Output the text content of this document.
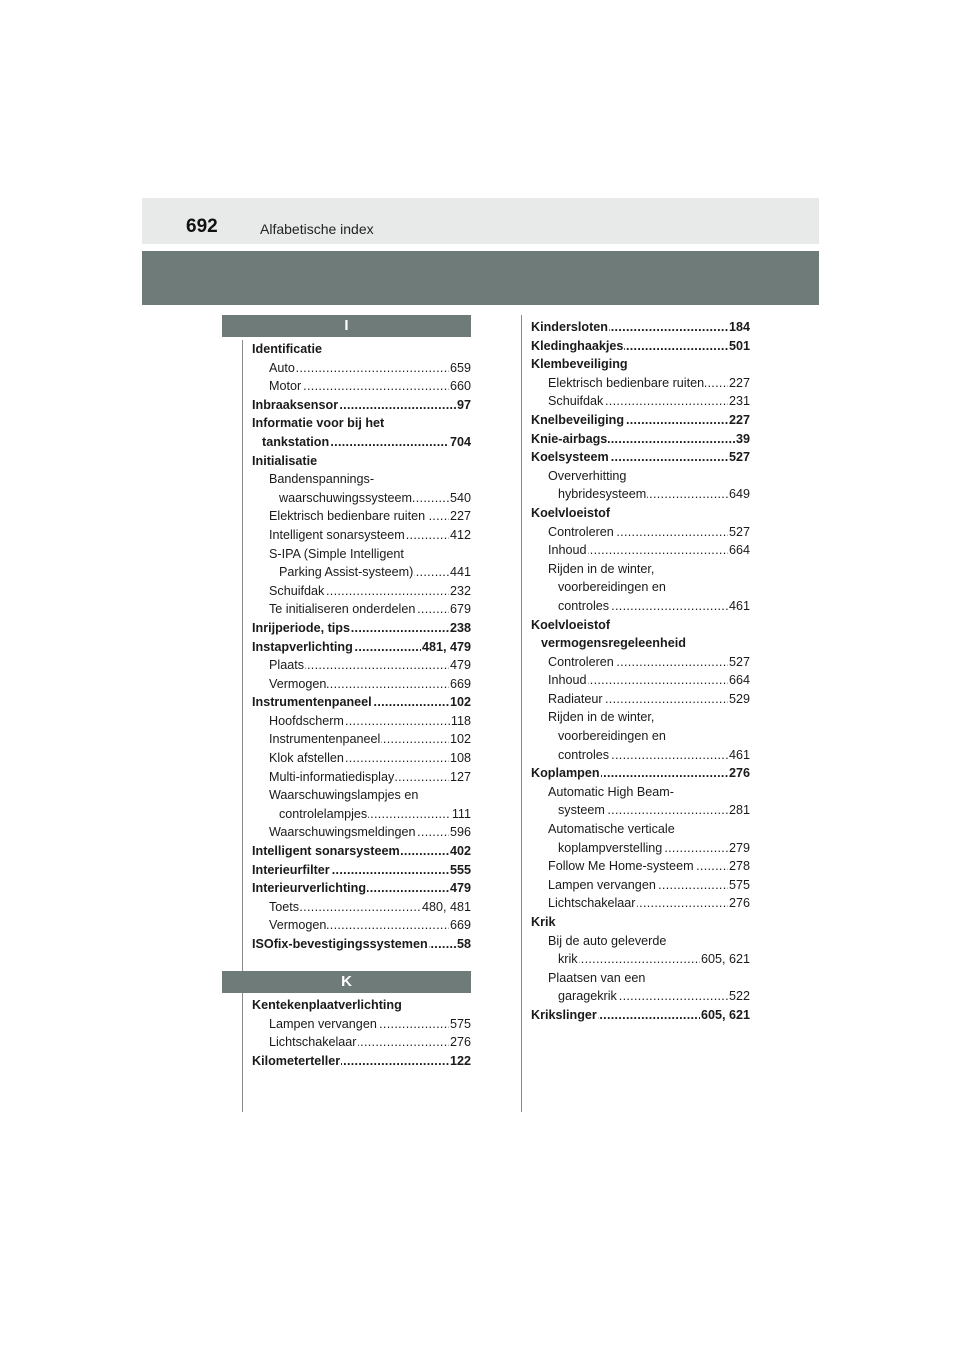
692	Alfabetische index
I
Identificatie
Auto	659
. . .
Motor	660
. . .
Inbraaksensor	97
. . .
Informatie voor bij het
tankstation	704
. . .
Initialisatie
Bandenspannings-
waarschuwingssysteem	540
. . .
Elektrisch bedienbare ruiten . 227
. . .
Intelligent sonarsysteem	412
. . .
S-IPA (Simple Intelligent
Parking Assist-systeem)	441
. . .
Schuifdak	232
. . .
Te initialiseren onderdelen	679
. . .
Inrijperiode, tips	238
. . .
Instapverlichting	481, 479
. . .
Plaats	479
. . .
Vermogen	669
. . .
Instrumentenpaneel	102
. . .
Hoofdscherm	118
. . .
Instrumentenpaneel	102
. . .
Klok afstellen	108
. . .
Multi-informatiedisplay	127
. . .
Waarschuwingslampjes en
controlelampjes	111
. . .
Waarschuwingsmeldingen	596
. . .
Intelligent sonarsysteem	402
. . .
Interieurfilter	555
. . .
Interieurverlichting	479
. . .
Toets	480, 481
. . .
Vermogen	669
. . .
ISOfix-bevestigingssystemen 58
. . .
K
Kentekenplaatverlichting
Lampen vervangen	575
. . .
Lichtschakelaar	276
. . .
Kilometerteller	122
. . .
Kindersloten	184
. . .
Kledinghaakjes	501
. . .
Klembeveiliging
Elektrisch bedienbare ruiten 227
. . .
Schuifdak	231
. . .
Knelbeveiliging	227
. . .
Knie-airbags	39
. . .
Koelsysteem	527
. . .
Oververhitting
hybridesysteem	649
. . .
Koelvloeistof
Controleren	527
. . .
Inhoud	664
. . .
Rijden in de winter,
voorbereidingen en
controles	461
. . .
Koelvloeistof
vermogensregeleenheid
Controleren	527
. . .
Inhoud	664
. . .
Radiateur	529
. . .
Rijden in de winter,
voorbereidingen en
controles	461
. . .
Koplampen	276
. . .
Automatic High Beam-
systeem	281
. . .
Automatische verticale
koplampverstelling	279
. . .
Follow Me Home-systeem	278
. . .
Lampen vervangen	575
. . .
Lichtschakelaar	276
. . .
Krik
Bij de auto geleverde
krik	605, 621
. . .
Plaatsen van een
garagekrik	522
. . .
Krikslinger	605, 621
. . .
